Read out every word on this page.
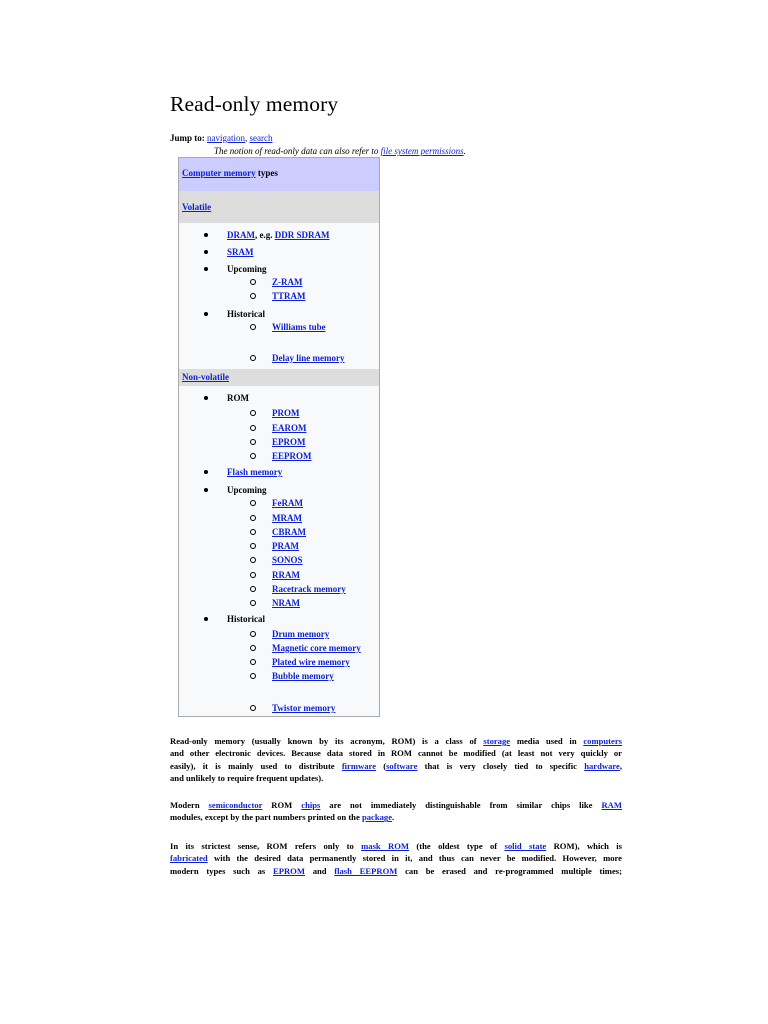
Read-only memory
Jump to: navigation, search
The notion of read-only data can also refer to file system permissions.
Computer memory types
Volatile
DRAM, e.g. DDR SDRAM
SRAM
Upcoming
Z-RAM
TTRAM
Historical
Williams tube
Delay line memory
Non-volatile
ROM
PROM
EAROM
EPROM
EEPROM
Flash memory
Upcoming
FeRAM
MRAM
CBRAM
PRAM
SONOS
RRAM
Racetrack memory
NRAM
Historical
Drum memory
Magnetic core memory
Plated wire memory
Bubble memory
Twistor memory
Read-only memory (usually known by its acronym, ROM) is a class of storage media used in computers
and other electronic devices. Because data stored in ROM cannot be modified (at least not very quickly or
easily), it is mainly used to distribute firmware (software that is very closely tied to specific hardware,
and unlikely to require frequent updates).
Modern semiconductor ROM chips are not immediately distinguishable from similar chips like RAM
modules, except by the part numbers printed on the package.
In its strictest sense, ROM refers only to mask ROM (the oldest type of solid state ROM), which is
fabricated with the desired data permanently stored in it, and thus can never be modified. However, more
modern types such as EPROM and flash EEPROM can be erased and re-programmed multiple times;
